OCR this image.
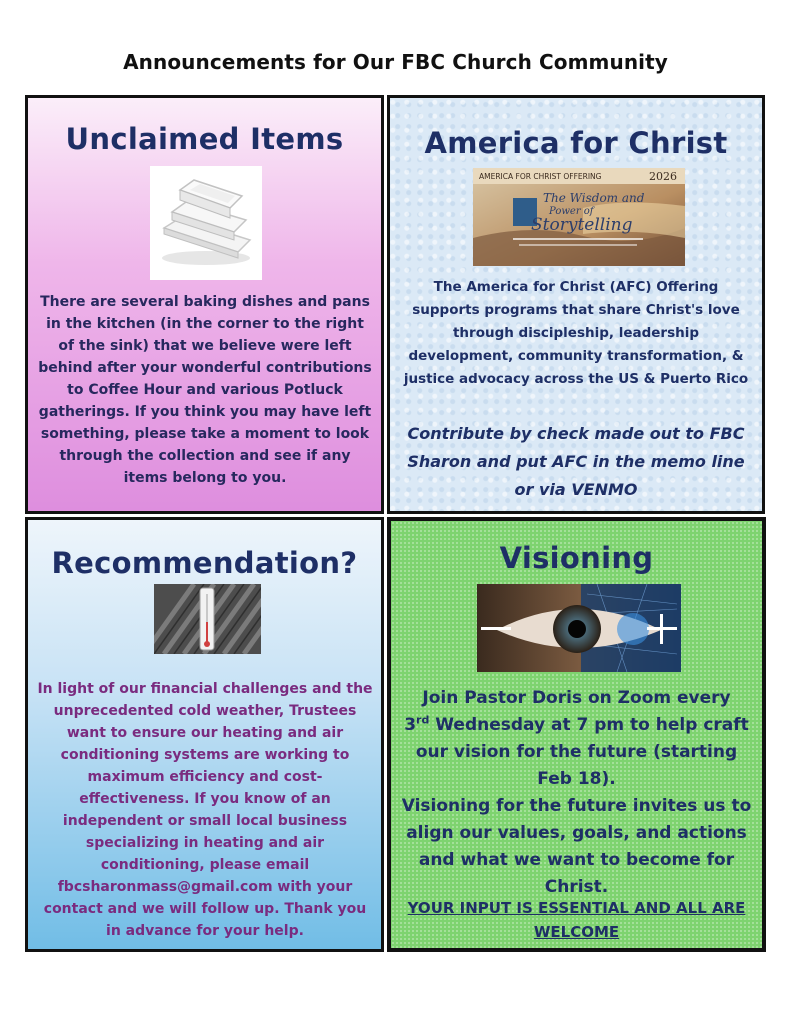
Announcements for Our FBC Church Community
Unclaimed Items
There are several baking dishes and pans in the kitchen (in the corner to the right of the sink) that we believe were left behind after your wonderful contributions to Coffee Hour and various Potluck gatherings. If you think you may have left something, please take a moment to look through the collection and see if any items belong to you.
America for Christ
AMERICA FOR CHRIST OFFERING	2026
The Wisdom and
Power of
Storytelling
The America for Christ (AFC) Offering supports programs that share Christ's love through discipleship, leadership development, community transformation, & justice advocacy across the US & Puerto Rico
Contribute by check made out to FBC Sharon and put AFC in the memo line or via VENMO
Recommendation?
In light of our financial challenges and the unprecedented cold weather, Trustees want to ensure our heating and air conditioning systems are working to maximum efficiency and cost-effectiveness. If you know of an independent or small local business specializing in heating and air conditioning, please email fbcsharonmass@gmail.com with your contact and we will follow up. Thank you in advance for your help.
Visioning
Join Pastor Doris on Zoom every
3rd Wednesday at 7 pm to help craft our vision for the future (starting Feb 18).
Visioning for the future invites us to align our values, goals, and actions and what we want to become for Christ.
YOUR INPUT IS ESSENTIAL AND ALL ARE WELCOME
